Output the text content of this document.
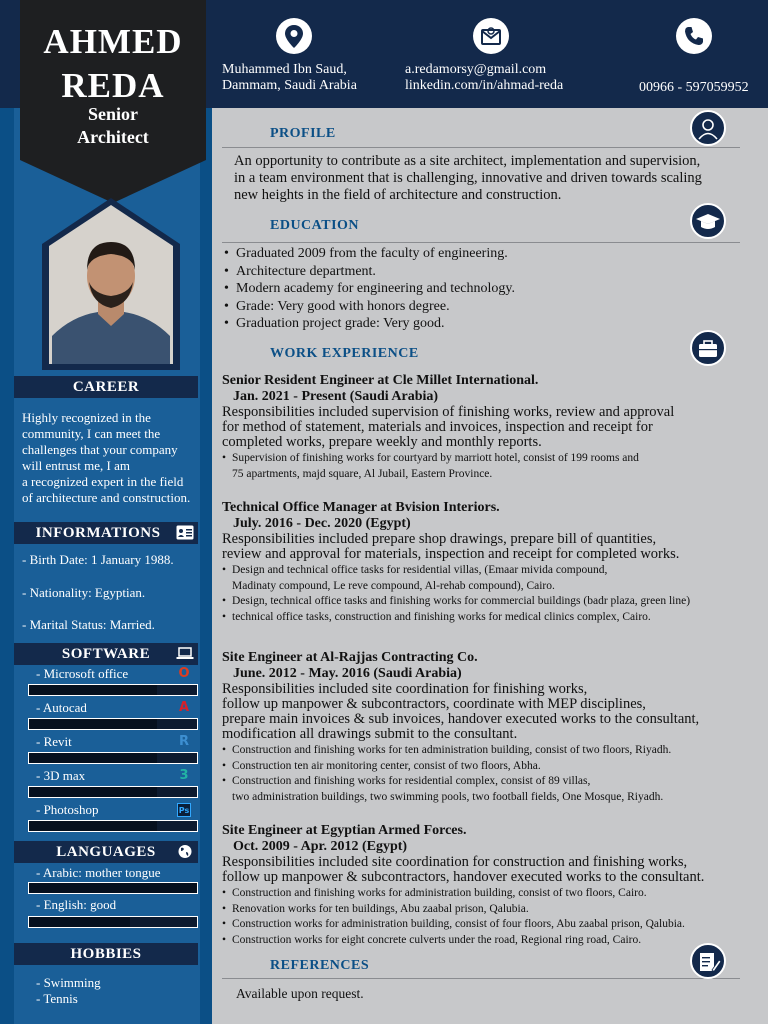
AHMED
REDA
Senior
Architect
Muhammed Ibn Saud,
Dammam, Saudi Arabia
a.redamorsy@gmail.com
linkedin.com/in/ahmad-reda	00966 - 597059952
CAREER
Highly recognized in the
community, I can meet the
challenges that your company
will entrust me, I am
a recognized expert in the field
of architecture and construction.
INFORMATIONS
- Birth Date: 1 January 1988.
- Nationality: Egyptian.
- Marital Status: Married.
SOFTWARE
- Microsoft office	O
- Autocad	A
- Revit	R
- 3D max	3
- Photoshop	Ps
LANGUAGES
- Arabic: mother tongue
- English: good
HOBBIES
- Swimming
- Tennis
PROFILE
An opportunity to contribute as a site architect, implementation and supervision,
in a team environment that is challenging, innovative and driven towards scaling
new heights in the field of architecture and construction.
EDUCATION
• Graduated 2009 from the faculty of engineering.
• Architecture department.
• Modern academy for engineering and technology.
• Grade: Very good with honors degree.
• Graduation project grade: Very good.
WORK EXPERIENCE
Senior Resident Engineer at Cle Millet International.
Jan. 2021 - Present (Saudi Arabia)
Responsibilities included supervision of finishing works, review and approval
for method of statement, materials and invoices, inspection and receipt for
completed works, prepare weekly and monthly reports.
• Supervision of finishing works for courtyard by marriott hotel, consist of 199 rooms and
75 apartments, majd square, Al Jubail, Eastern Province.
Technical Office Manager at Bvision Interiors.
July. 2016 - Dec. 2020 (Egypt)
Responsibilities included prepare shop drawings, prepare bill of quantities,
review and approval for materials, inspection and receipt for completed works.
• Design and technical office tasks for residential villas, (Emaar mivida compound,
Madinaty compound, Le reve compound, Al-rehab compound), Cairo.
• Design, technical office tasks and finishing works for commercial buildings (badr plaza, green line)
• technical office tasks, construction and finishing works for medical clinics complex, Cairo.
Site Engineer at Al-Rajjas Contracting Co.
June. 2012 - May. 2016 (Saudi Arabia)
Responsibilities included site coordination for finishing works,
follow up manpower & subcontractors, coordinate with MEP disciplines,
prepare main invoices & sub invoices, handover executed works to the consultant,
modification all drawings submit to the consultant.
• Construction and finishing works for ten administration building, consist of two floors, Riyadh.
• Construction ten air monitoring center, consist of two floors, Abha.
• Construction and finishing works for residential complex, consist of 89 villas,
two administration buildings, two swimming pools, two football fields, One Mosque, Riyadh.
Site Engineer at Egyptian Armed Forces.
Oct. 2009 - Apr. 2012 (Egypt)
Responsibilities included site coordination for construction and finishing works,
follow up manpower & subcontractors, handover executed works to the consultant.
• Construction and finishing works for administration building, consist of two floors, Cairo.
• Renovation works for ten buildings, Abu zaabal prison, Qalubia.
• Construction works for administration building, consist of four floors, Abu zaabal prison, Qalubia.
• Construction works for eight concrete culverts under the road, Regional ring road, Cairo.
REFERENCES
Available upon request.
